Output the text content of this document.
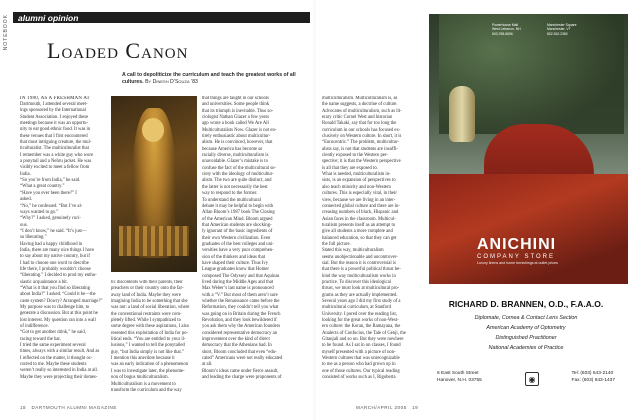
NOTEBOOK alumni opinion
Loaded Canon
IN 1980, AS A FRESHMAN AT
Dartmouth, I attended several meet-
ings sponsored by the International
Student Association. I enjoyed these
meetings because it was an opportu-
nity to eat good ethnic food. It was in
these venues that I first encountered
that most intriguing creature, the mul-
ticulturalist. The multiculturalist that
I remember was a white guy who wore
a ponytail and a Nehru jacket. He was
visibly excited to meet a fellow from
India.
“So you’re from India,” he said.
“What a great country.”
“Have you ever been there?” I
asked.
“No,” he confessed. “But I’ve al-
ways wanted to go.”
“Why?” I asked, genuinely curi-
ous.
“I don’t know,” he said. “It’s just—
so liberating.”
Having had a happy childhood in
India, there are many nice things I have
to say about my native country, but if
I had to choose one word to describe
life there, I probably wouldn’t choose
“liberating.” I decided to prod my enthu-
siastic acquaintance a bit.
“What is it that you find so liberating
about India?” I asked. “Could it be—the
caste system? Dowry? Arranged marriage?”
My purpose was to challenge him, to
generate a discussion. But at this point he
lost interest. My question ran into a wall
of indifference.
“Got to get another drink,” he said,
racing toward the bar.
I tried the same experiment several
times, always with a similar result. And as
I reflected on the matter, it thought oc-
curred to me. Maybe these students
weren’t really so interested in India at all.
Maybe they were projecting their domes-
tic discontents with their parents, their
preachers or their country onto the far-
away land of India. Maybe they were
imagining India to be something that she
was not: a land of social liberation, where
the conventional restraints were com-
pletely lifted. While I sympathized to
some degree with these aspirations, I also
resented this exploitation of India for po-
litical ends. “You are entitled to your il-
lusions,” I wanted to tell the ponytailed
guy, “but India simply is not like that.”
I mention this anecdote because it
was an early indication of a phenomenon
I was to investigate later, the phenome-
non of bogus multiculturalism.
Multiculturalism is a movement to
transform the curriculum and the way
that things are taught in our schools
and universities. Some people think
that its triumph is inevitable. Thus so-
ciologist Nathan Glazer a few years
ago wrote a book called We Are All
Multiculturalists Now. Glazer is not en-
tirely enthusiastic about multicultur-
alism. He is convinced, however, that
because America has become so
racially diverse, multiculturalism is
unavoidable. Glazer’s mistake is to
confuse the fact of the multicultural so-
ciety with the ideology of multicultur-
alism. The two are quite distinct, and
the latter is not necessarily the best
way to respond to the former.
To understand the multicultural
debate it may be helpful to begin with
Allan Bloom’s 1987 book The Closing
of the American Mind. Bloom argued
that American students are shocking-
ly ignorant of the basic ingredients of
their own Western civilization. Even
graduates of the best colleges and uni-
versities have a very poor comprehen-
sion of the thinkers and ideas that
have shaped their culture. Thus Ivy
League graduates know that Homer
composed The Odyssey and that Aquinas
lived during the Middle Ages and that
Max Weber’s last name is pronounced
with a “V.” But most of them aren’t sure
whether the Renaissance came before the
Reformation, they couldn’t tell you what
was going on in Britain during the French
Revolution, and they look bewildered if
you ask them why the American founders
considered representative democracy an
improvement over the kind of direct
democracy that the Athenians had. In
short, Bloom concluded that even “edu-
cated” Americans were not really educated
at all.
Bloom’s ideas came under fierce assault,
and leading the charge were proponents of
18 DARTMOUTH ALUMNI MAGAZINE
A call to depoliticize the curriculum and teach the greatest works of all cultures. By Dinesh D’Souza ’83
multiculturalism. Multiculturalism is, as
the name suggests, a doctrine of culture.
Advocates of multiculturalism, such as lit-
erary critic Cornel West and historian
Ronald Takaki, say that for too long the
curriculum in our schools has focused ex-
clusively on Western culture. In short, it is
“Eurocentric.” The problem, multicultur-
alists say, is not that students are insuffi-
ciently exposed to the Western per-
spective; it is that the Western perspective
is all that they are exposed to.
What is needed, multiculturalism in-
sists, is an expansion of perspectives to
also teach minority and non-Western
cultures. This is especially vital, in their
view, because we are living in an inter-
connected global culture and there are in-
creasing numbers of black, Hispanic and
Asian faces in the classroom. Multicul-
turalism presents itself as an attempt to
give all students a more complete and
balanced education, so that they can get
the full picture.
Stated this way, multiculturalism
seems unobjectionable and uncontrover-
sial. But the reason it is controversial is
that there is a powerful political thrust be-
hind the way multiculturalism works in
practice. To discover this ideological
thrust, we must look at multicultural pro-
grams as they are actually implemented.
Several years ago I did my first study of a
multicultural curriculum, at Stanford
University. I pored over the reading list,
looking for the great works of non-West-
ern culture: the Koran, the Ramayana, the
Analects of Confucius, the Tale of Genji, the
Gitanjali and so on. But they were nowhere
to be found. As I sat in on classes, I found
myself presented with a picture of non-
Western cultures that was unrecognizable
to me as a person who had grown up in
one of those cultures. Our typical reading
consisted of works such as I, Rigoberta
MARCH/APRIL 2005 19
Powerhouse Mall
West Lebanon, NH
603.298.8656

Manchester Square
Manchester, VT
802.362.2380
ANICHINI
COMPANY STORE
Luxury linens and home furnishings at outlet prices
RICHARD D. BRANNEN, O.D., F.A.A.O.
Diplomate, Cornea & Contact Lens Section
American Academy of Optometry
Distinguished Practitioner
National Academies of Practice
6 East South Street
Hanover, N.H. 03755	◉
Tel: (603) 643-2140
Fax: (603) 643-1437
